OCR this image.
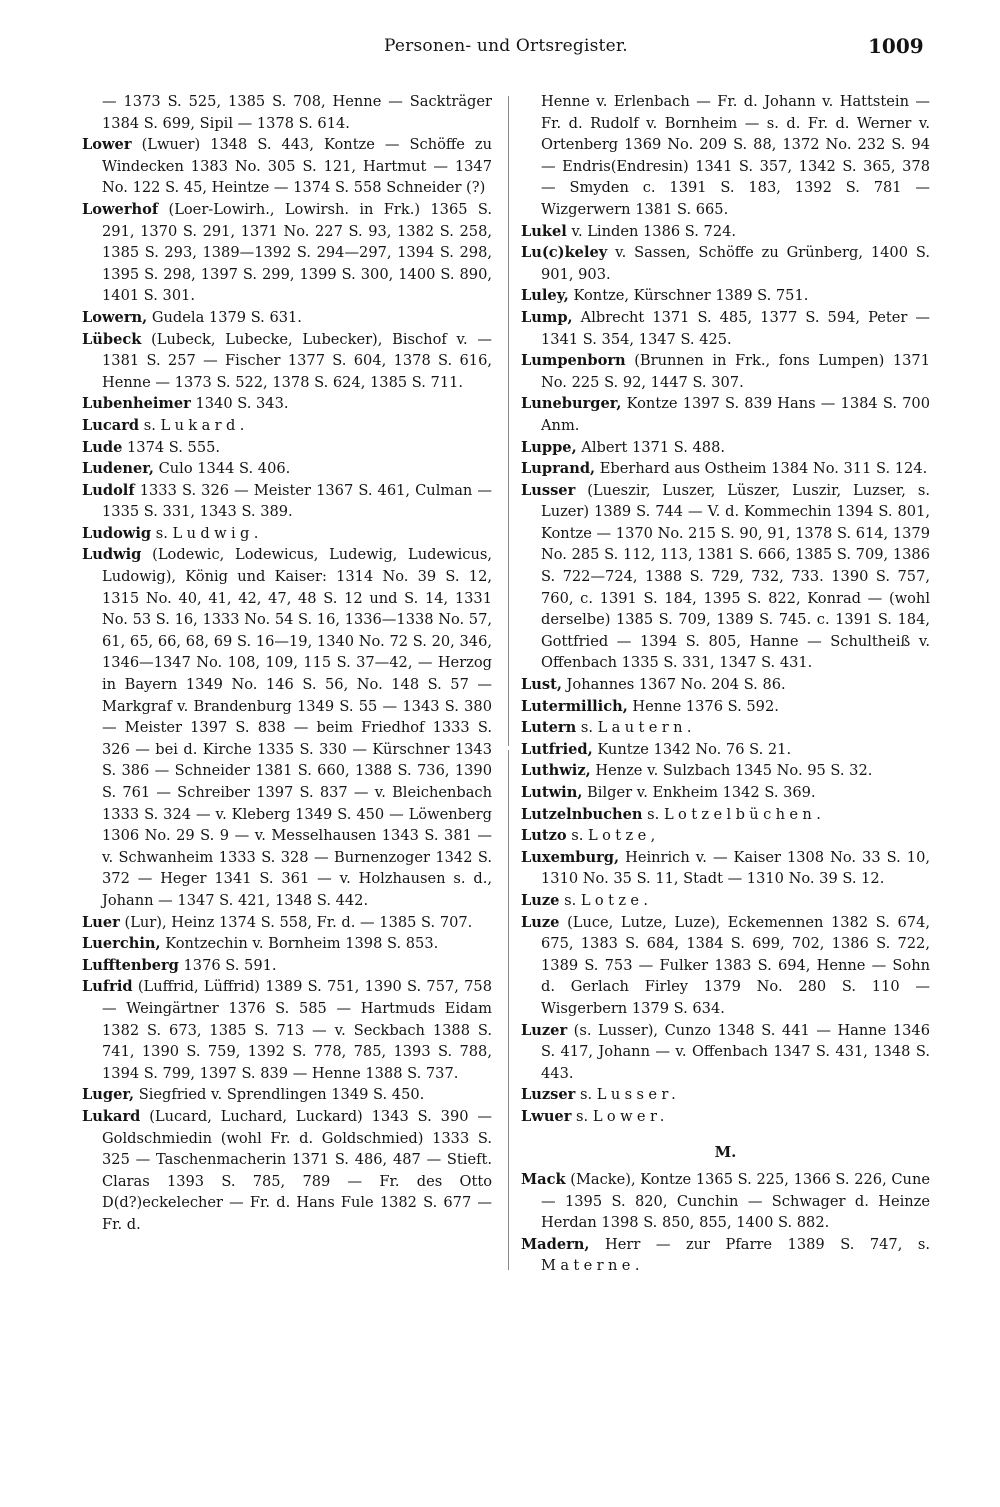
Personen- und Ortsregister.	1009

— 1373 S. 525, 1385 S. 708, Henne — Sackträger 1384 S. 699, Sipil — 1378 S. 614.

Lower (Lwuer) 1348 S. 443, Kontze — Schöffe zu Windecken 1383 No. 305 S. 121, Hartmut — 1347 No. 122 S. 45, Heintze — 1374 S. 558 Schneider (?)

Lowerhof (Loer-Lowirh., Lowirsh. in Frk.) 1365 S. 291, 1370 S. 291, 1371 No. 227 S. 93, 1382 S. 258, 1385 S. 293, 1389—1392 S. 294—297, 1394 S. 298, 1395 S. 298, 1397 S. 299, 1399 S. 300, 1400 S. 890, 1401 S. 301.

Lowern, Gudela 1379 S. 631.

Lübeck (Lubeck, Lubecke, Lubecker), Bischof v. — 1381 S. 257 — Fischer 1377 S. 604, 1378 S. 616, Henne — 1373 S. 522, 1378 S. 624, 1385 S. 711.

Lubenheimer 1340 S. 343.

Lucard s. Lukard.

Lude 1374 S. 555.

Ludener, Culo 1344 S. 406.

Ludolf 1333 S. 326 — Meister 1367 S. 461, Culman — 1335 S. 331, 1343 S. 389.

Ludowig s. Ludwig.

Ludwig (Lodewic, Lodewicus, Ludewig, Ludewicus, Ludowig), König und Kaiser: 1314 No. 39 S. 12, 1315 No. 40, 41, 42, 47, 48 S. 12 und S. 14, 1331 No. 53 S. 16, 1333 No. 54 S. 16, 1336—1338 No. 57, 61, 65, 66, 68, 69 S. 16—19, 1340 No. 72 S. 20, 346, 1346—1347 No. 108, 109, 115 S. 37—42, — Herzog in Bayern 1349 No. 146 S. 56, No. 148 S. 57 — Markgraf v. Brandenburg 1349 S. 55 — 1343 S. 380 — Meister 1397 S. 838 — beim Friedhof 1333 S. 326 — bei d. Kirche 1335 S. 330 — Kürschner 1343 S. 386 — Schneider 1381 S. 660, 1388 S. 736, 1390 S. 761 — Schreiber 1397 S. 837 — v. Bleichenbach 1333 S. 324 — v. Kleberg 1349 S. 450 — Löwenberg 1306 No. 29 S. 9 — v. Messelhausen 1343 S. 381 — v. Schwanheim 1333 S. 328 — Burnenzoger 1342 S. 372 — Heger 1341 S. 361 — v. Holzhausen s. d., Johann — 1347 S. 421, 1348 S. 442.

Luer (Lur), Heinz 1374 S. 558, Fr. d. — 1385 S. 707.

Luerchin, Kontzechin v. Bornheim 1398 S. 853.

Lufftenberg 1376 S. 591.

Lufrid (Luffrid, Lüffrid) 1389 S. 751, 1390 S. 757, 758 — Weingärtner 1376 S. 585 — Hartmuds Eidam 1382 S. 673, 1385 S. 713 — v. Seckbach 1388 S. 741, 1390 S. 759, 1392 S. 778, 785, 1393 S. 788, 1394 S. 799, 1397 S. 839 — Henne 1388 S. 737.

Luger, Siegfried v. Sprendlingen 1349 S. 450.

Lukard (Lucard, Luchard, Luckard) 1343 S. 390 — Goldschmiedin (wohl Fr. d. Goldschmied) 1333 S. 325 — Taschenmacherin 1371 S. 486, 487 — Stieft. Claras 1393 S. 785, 789 — Fr. des Otto D(d?)eckelecher — Fr. d. Hans Fule 1382 S. 677 — Fr. d.

Henne v. Erlenbach — Fr. d. Johann v. Hattstein — Fr. d. Rudolf v. Bornheim — s. d. Fr. d. Werner v. Ortenberg 1369 No. 209 S. 88, 1372 No. 232 S. 94 — Endris(Endresin) 1341 S. 357, 1342 S. 365, 378 — Smyden c. 1391 S. 183, 1392 S. 781 — Wizgerwern 1381 S. 665.

Lukel v. Linden 1386 S. 724.

Lu(c)keley v. Sassen, Schöffe zu Grünberg, 1400 S. 901, 903.

Luley, Kontze, Kürschner 1389 S. 751.

Lump, Albrecht 1371 S. 485, 1377 S. 594, Peter — 1341 S. 354, 1347 S. 425.

Lumpenborn (Brunnen in Frk., fons Lumpen) 1371 No. 225 S. 92, 1447 S. 307.

Luneburger, Kontze 1397 S. 839 Hans — 1384 S. 700 Anm.

Luppe, Albert 1371 S. 488.

Luprand, Eberhard aus Ostheim 1384 No. 311 S. 124.

Lusser (Lueszir, Luszer, Lüszer, Luszir, Luzser, s. Luzer) 1389 S. 744 — V. d. Kommechin 1394 S. 801, Kontze — 1370 No. 215 S. 90, 91, 1378 S. 614, 1379 No. 285 S. 112, 113, 1381 S. 666, 1385 S. 709, 1386 S. 722—724, 1388 S. 729, 732, 733. 1390 S. 757, 760, c. 1391 S. 184, 1395 S. 822, Konrad — (wohl derselbe) 1385 S. 709, 1389 S. 745. c. 1391 S. 184, Gottfried — 1394 S. 805, Hanne — Schultheiß v. Offenbach 1335 S. 331, 1347 S. 431.

Lust, Johannes 1367 No. 204 S. 86.

Lutermillich, Henne 1376 S. 592.

Lutern s. Lautern.

Lutfried, Kuntze 1342 No. 76 S. 21.

Luthwiz, Henze v. Sulzbach 1345 No. 95 S. 32.

Lutwin, Bilger v. Enkheim 1342 S. 369.

Lutzelnbuchen s. Lotzelbüchen.

Lutzo s. Lotze,

Luxemburg, Heinrich v. — Kaiser 1308 No. 33 S. 10, 1310 No. 35 S. 11, Stadt — 1310 No. 39 S. 12.

Luze s. Lotze.

Luze (Luce, Lutze, Luze), Eckemennen 1382 S. 674, 675, 1383 S. 684, 1384 S. 699, 702, 1386 S. 722, 1389 S. 753 — Fulker 1383 S. 694, Henne — Sohn d. Gerlach Firley 1379 No. 280 S. 110 — Wisgerbern 1379 S. 634.

Luzer (s. Lusser), Cunzo 1348 S. 441 — Hanne 1346 S. 417, Johann — v. Offenbach 1347 S. 431, 1348 S. 443.

Luzser s. Lusser.

Lwuer s. Lower.

M.

Mack (Macke), Kontze 1365 S. 225, 1366 S. 226, Cune — 1395 S. 820, Cunchin — Schwager d. Heinze Herdan 1398 S. 850, 855, 1400 S. 882.

Madern, Herr — zur Pfarre 1389 S. 747, s. Materne.
